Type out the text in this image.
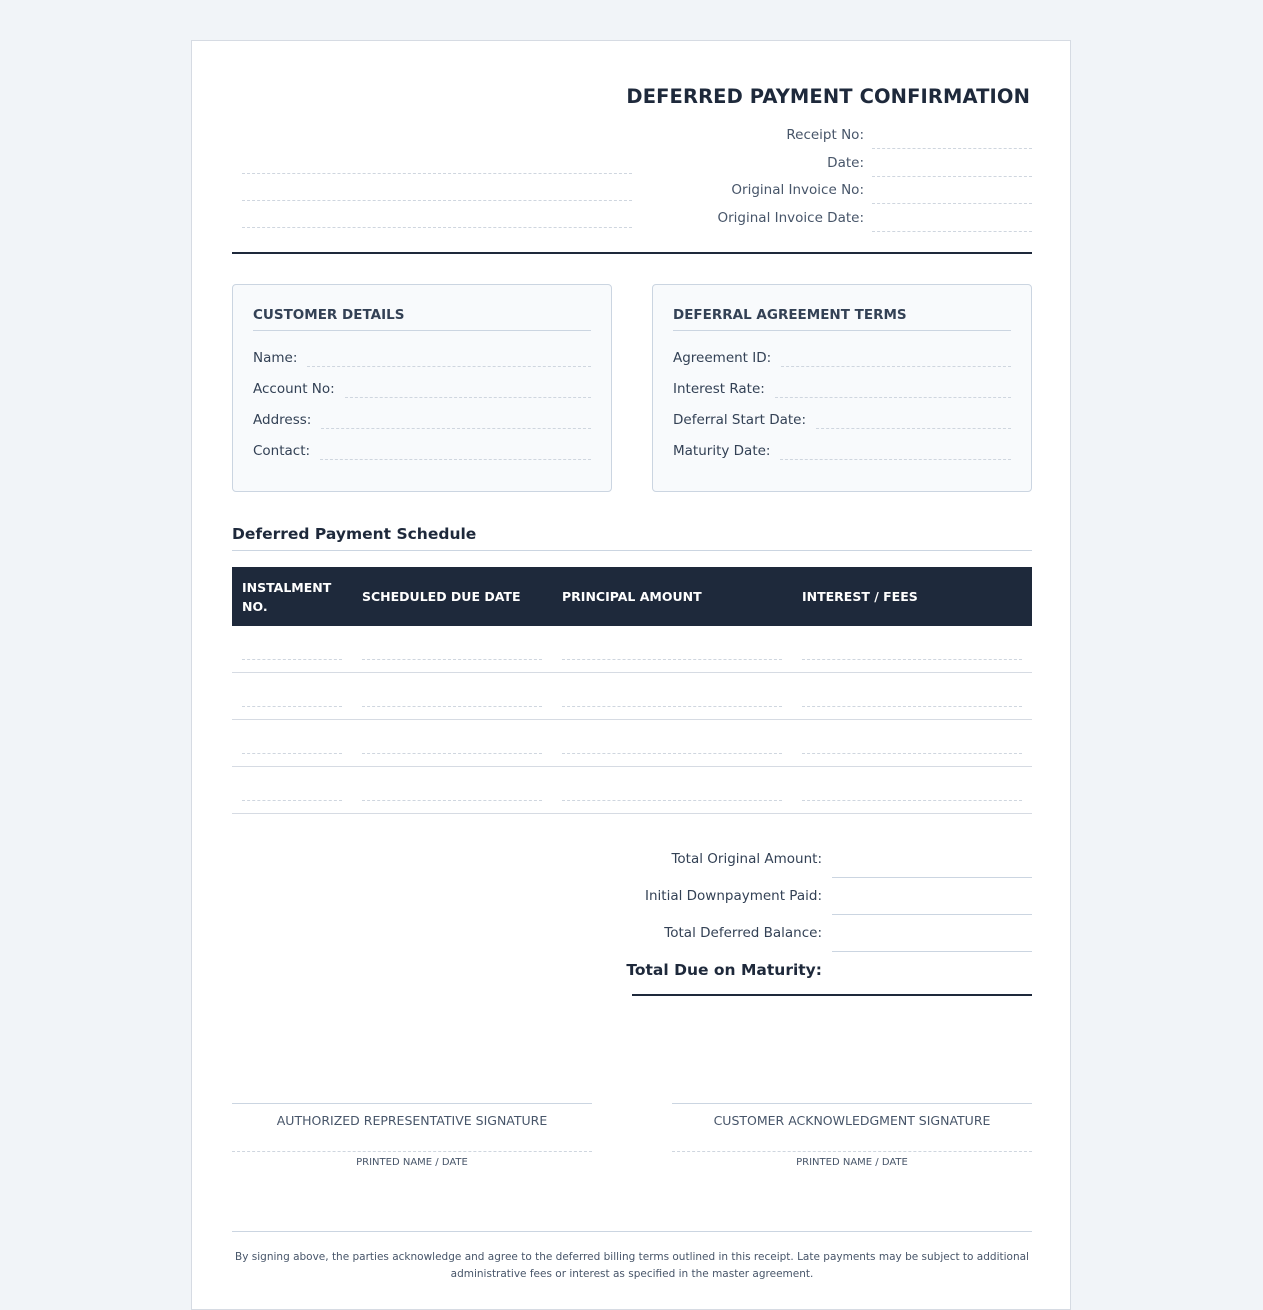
DEFERRED PAYMENT CONFIRMATION
Receipt No:
Date:
Original Invoice No:
Original Invoice Date:
CUSTOMER DETAILS
Name:
Account No:
Address:
Contact:
DEFERRAL AGREEMENT TERMS
Agreement ID:
Interest Rate:
Deferral Start Date:
Maturity Date:
Deferred Payment Schedule
INSTALMENT NO.	SCHEDULED DUE DATE	PRINCIPAL AMOUNT	INTEREST / FEES

Total Original Amount:
Initial Downpayment Paid:
Total Deferred Balance:
Total Due on Maturity:
AUTHORIZED REPRESENTATIVE SIGNATURE
PRINTED NAME / DATE
CUSTOMER ACKNOWLEDGMENT SIGNATURE
PRINTED NAME / DATE
By signing above, the parties acknowledge and agree to the deferred billing terms outlined in this receipt. Late payments may be subject to additional administrative fees or interest as specified in the master agreement.
